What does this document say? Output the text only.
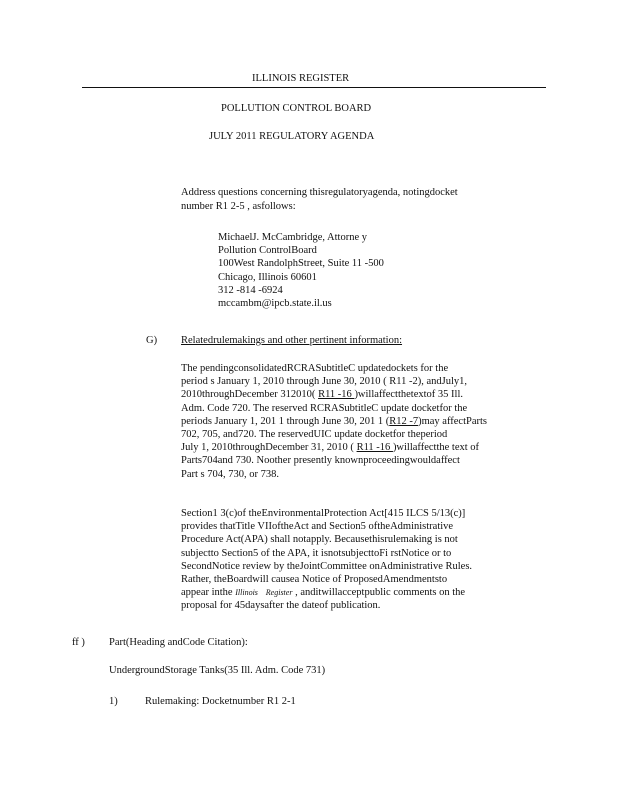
ILLINOIS REGISTER
POLLUTION CONTROL BOARD
JULY 2011 REGULATORY AGENDA
Address questions concerning thisregulatoryagenda, notingdocket
number R1 2-5 , asfollows:
MichaelJ. McCambridge, Attorne y
Pollution ControlBoard
100West RandolphStreet, Suite 11 -500
Chicago, Illinois 60601
312 -814 -6924
mccambm@ipcb.state.il.us
G) Relatedrulemakings and other pertinent information:
The pendingconsolidatedRCRASubtitleC updatedockets for the
period s January 1, 2010 through June 30, 2010 ( R11 -2), andJuly1,
2010throughDecember 312010( R11 -16 )willaffectthetextof 35 Ill.
Adm. Code 720. The reserved RCRASubtitleC update docketfor the
periods January 1, 201 1 through June 30, 201 1 (R12 -7)may affectParts
702, 705, and720. The reservedUIC update docketfor theperiod
July 1, 2010throughDecember 31, 2010 ( R11 -16 )willaffectthe text of
Parts704and 730. Noother presently knownproceedingwouldaffect
Part s 704, 730, or 738.
Section1 3(c)of theEnvironmentalProtection Act[415 ILCS 5/13(c)]
provides thatTitle VIIoftheAct and Section5 oftheAdministrative
Procedure Act(APA) shall notapply. Becausethisrulemaking is not
subjectto Section5 of the APA, it isnotsubjecttoFi rstNotice or to
SecondNotice review by theJointCommittee onAdministrative Rules.
Rather, theBoardwill causea Notice of ProposedAmendmentsto
appear inthe Illinois Register , anditwillacceptpublic comments on the
proposal for 45daysafter the dateof publication.
ff ) Part(Heading andCode Citation):
UndergroundStorage Tanks(35 Ill. Adm. Code 731)
1)	Rulemaking: Docketnumber R1 2-1
